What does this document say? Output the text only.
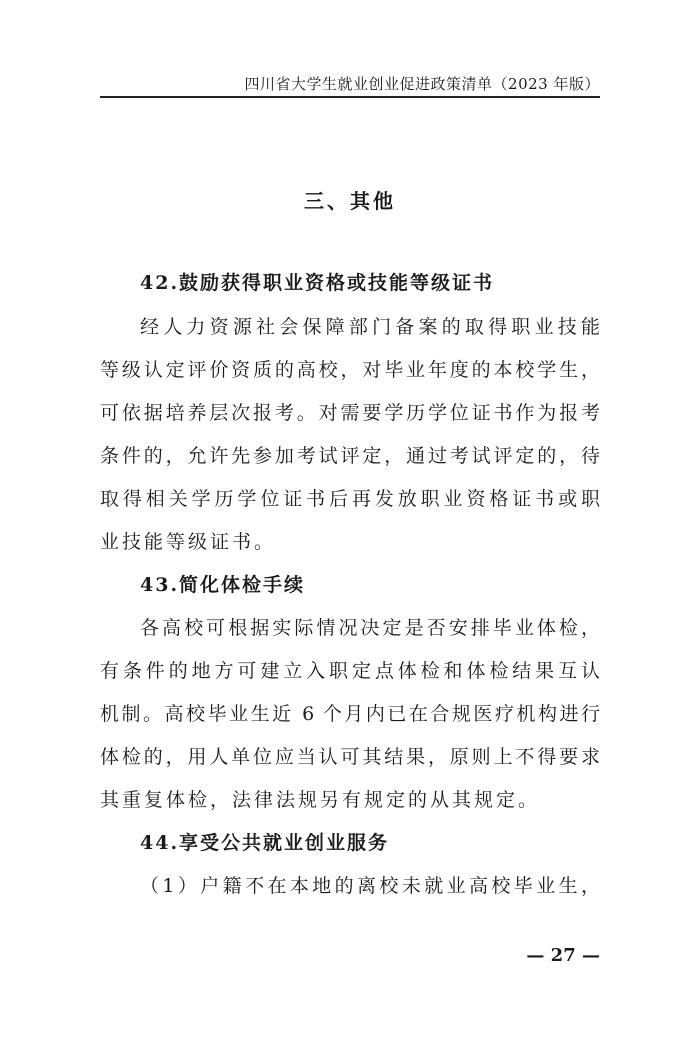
四川省大学生就业创业促进政策清单（2023 年版）
三、其他
42.鼓励获得职业资格或技能等级证书
经人力资源社会保障部门备案的取得职业技能
等级认定评价资质的高校，对毕业年度的本校学生，
可依据培养层次报考。对需要学历学位证书作为报考
条件的，允许先参加考试评定，通过考试评定的，待
取得相关学历学位证书后再发放职业资格证书或职
业技能等级证书。
43.简化体检手续
各高校可根据实际情况决定是否安排毕业体检，
有条件的地方可建立入职定点体检和体检结果互认
机制。高校毕业生近 6 个月内已在合规医疗机构进行
体检的，用人单位应当认可其结果，原则上不得要求
其重复体检，法律法规另有规定的从其规定。
44.享受公共就业创业服务
（1）户籍不在本地的离校未就业高校毕业生，
— 27 —
